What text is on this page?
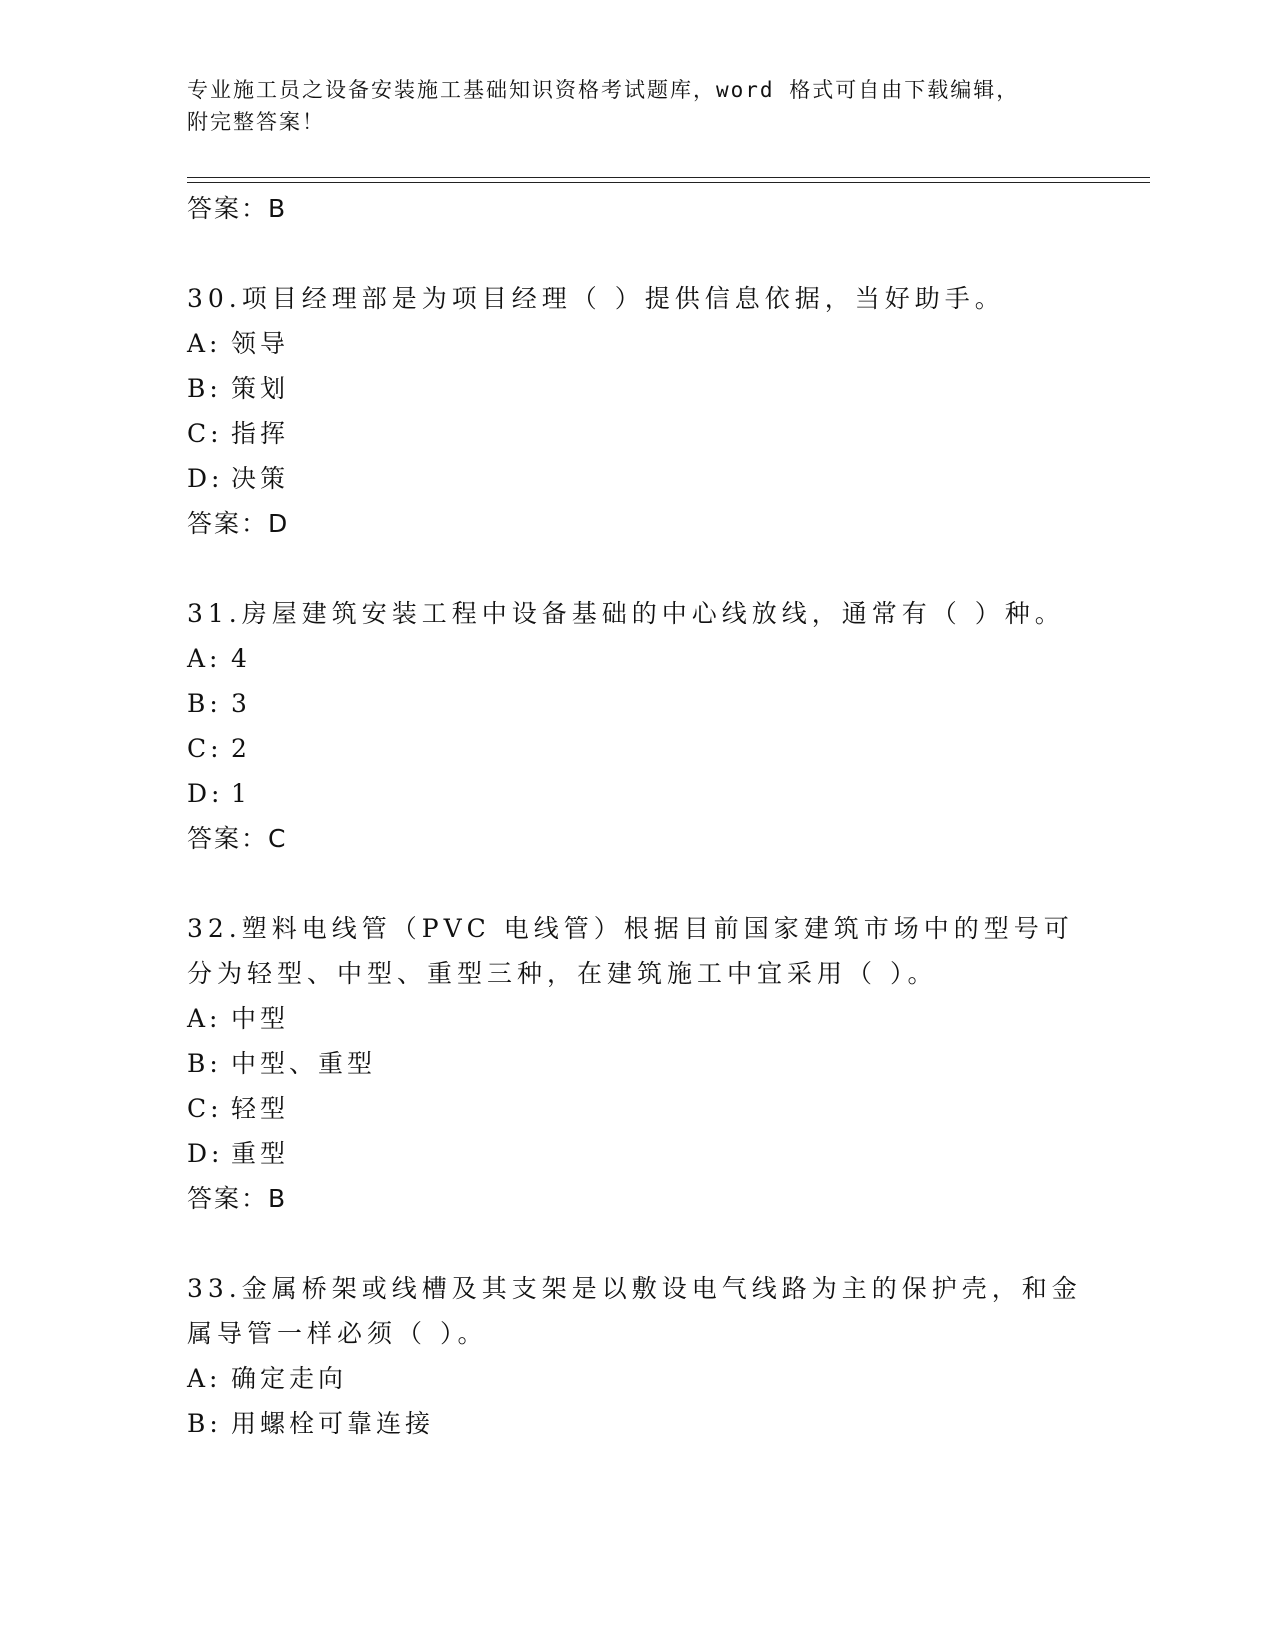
专业施工员之设备安装施工基础知识资格考试题库，word 格式可自由下载编辑，
附完整答案！

答案：B

30.项目经理部是为项目经理（ ）提供信息依据，当好助手。

A: 领导

B: 策划

C: 指挥

D: 决策

答案：D

31.房屋建筑安装工程中设备基础的中心线放线，通常有（ ）种。

A: 4

B: 3

C: 2

D: 1

答案：C

32.塑料电线管（PVC 电线管）根据目前国家建筑市场中的型号可分为轻型、中型、重型三种，在建筑施工中宜采用（ ）。

A: 中型

B: 中型、重型

C: 轻型

D: 重型

答案：B

33.金属桥架或线槽及其支架是以敷设电气线路为主的保护壳，和金属导管一样必须（ ）。

A: 确定走向

B: 用螺栓可靠连接
